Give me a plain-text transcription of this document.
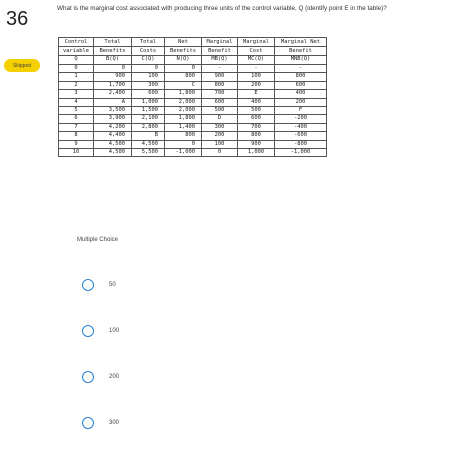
36
Skipped
What is the marginal cost associated with producing three units of the control variable, Q (identify point E in the table)?
Control	Total	Total	Net	Marginal	Marginal	Marginal Net
variable	Benefits	Costs	Benefits	Benefit	Cost	Benefit
Q	B(Q)	C(Q)	N(Q)	MB(Q)	MC(Q)	MNB(Q)
0	0	0	0	-	-	-
1	900	100	800	900	100	800
2	1,700	300	C	800	200	600
3	2,400	600	1,800	700	E	400
4	A	1,000	2,000	600	400	200
5	3,500	1,500	2,000	500	500	F
6	3,900	2,100	1,800	D	600	-200
7	4,200	2,800	1,400	300	700	-400
8	4,400	B	800	200	800	-600
9	4,500	4,500	0	100	900	-800
10	4,500	5,500	-1,000	0	1,000	-1,000
Multiple Choice
50
100
200
300
